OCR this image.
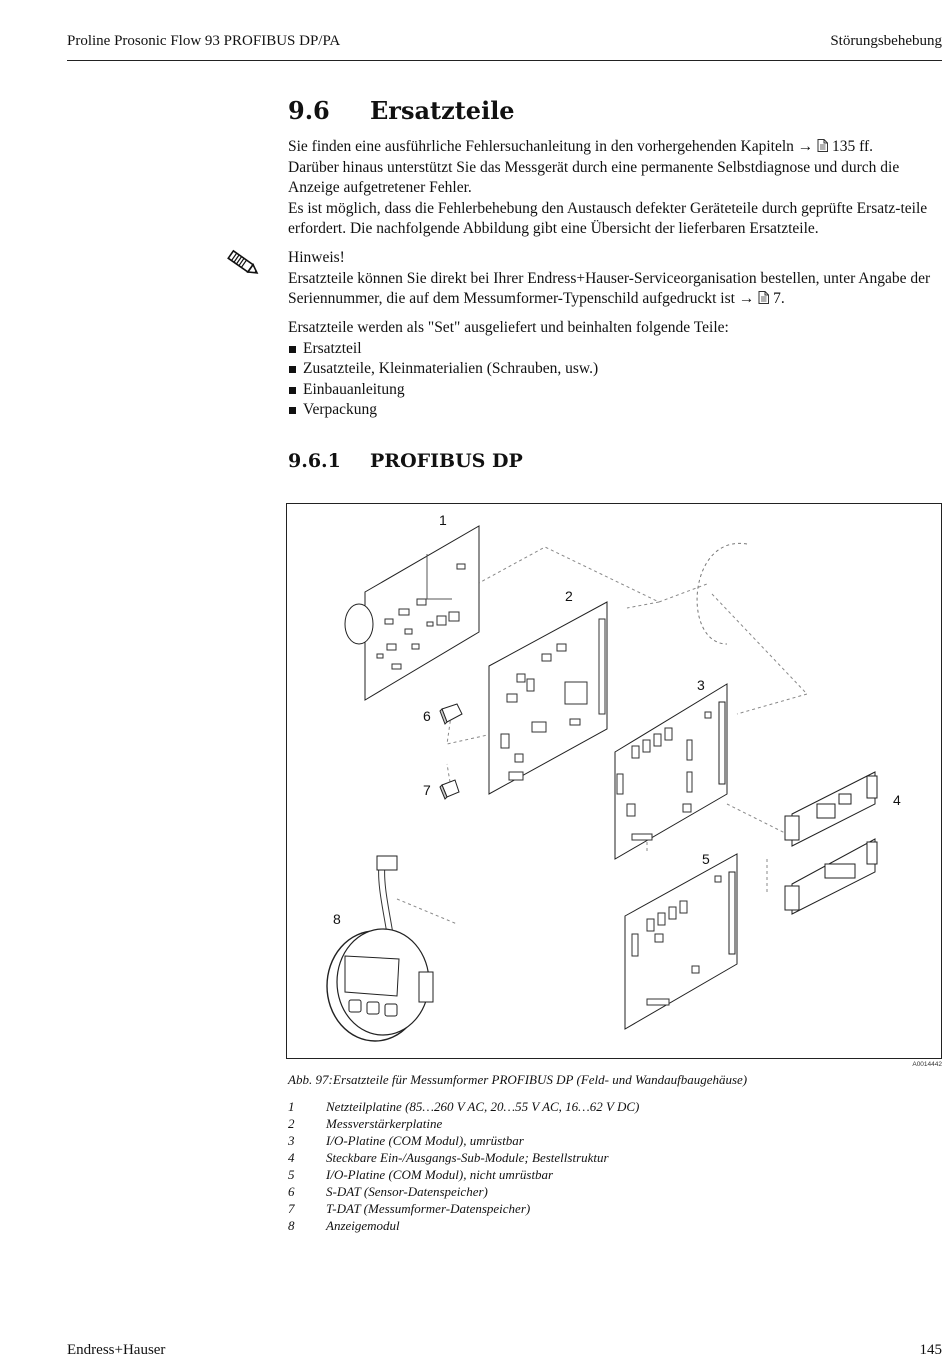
Proline Prosonic Flow 93 PROFIBUS DP/PA	Störungsbehebung
9.6 Ersatzteile

Sie finden eine ausführliche Fehlersuchanleitung in den vorhergehenden Kapiteln → 135 ff.
Darüber hinaus unterstützt Sie das Messgerät durch eine permanente Selbstdiagnose und durch die Anzeige aufgetretener Fehler.

Es ist möglich, dass die Fehlerbehebung den Austausch defekter Geräteteile durch geprüfte Ersatz-teile erfordert. Die nachfolgende Abbildung gibt eine Übersicht der lieferbaren Ersatzteile.

Hinweis!

Ersatzteile können Sie direkt bei Ihrer Endress+Hauser-Serviceorganisation bestellen, unter Angabe der Seriennummer, die auf dem Messumformer-Typenschild aufgedruckt ist → 7.

Ersatzteile werden als "Set" ausgeliefert und beinhalten folgende Teile:

Ersatzteil
Zusatzteile, Kleinmaterialien (Schrauben, usw.)
Einbauanleitung
Verpackung
9.6.1 PROFIBUS DP
1
2
3
4
5
6
7
8
A0014442
Abb. 97:Ersatzteile für Messumformer PROFIBUS DP (Feld- und Wandaufbaugehäuse)
1 Netzteilplatine (85…260 V AC, 20…55 V AC, 16…62 V DC)
2 Messverstärkerplatine
3 I/O-Platine (COM Modul), umrüstbar
4 Steckbare Ein-/Ausgangs-Sub-Module; Bestellstruktur
5 I/O-Platine (COM Modul), nicht umrüstbar
6 S-DAT (Sensor-Datenspeicher)
7 T-DAT (Messumformer-Datenspeicher)
8 Anzeigemodul
Endress+Hauser	145
